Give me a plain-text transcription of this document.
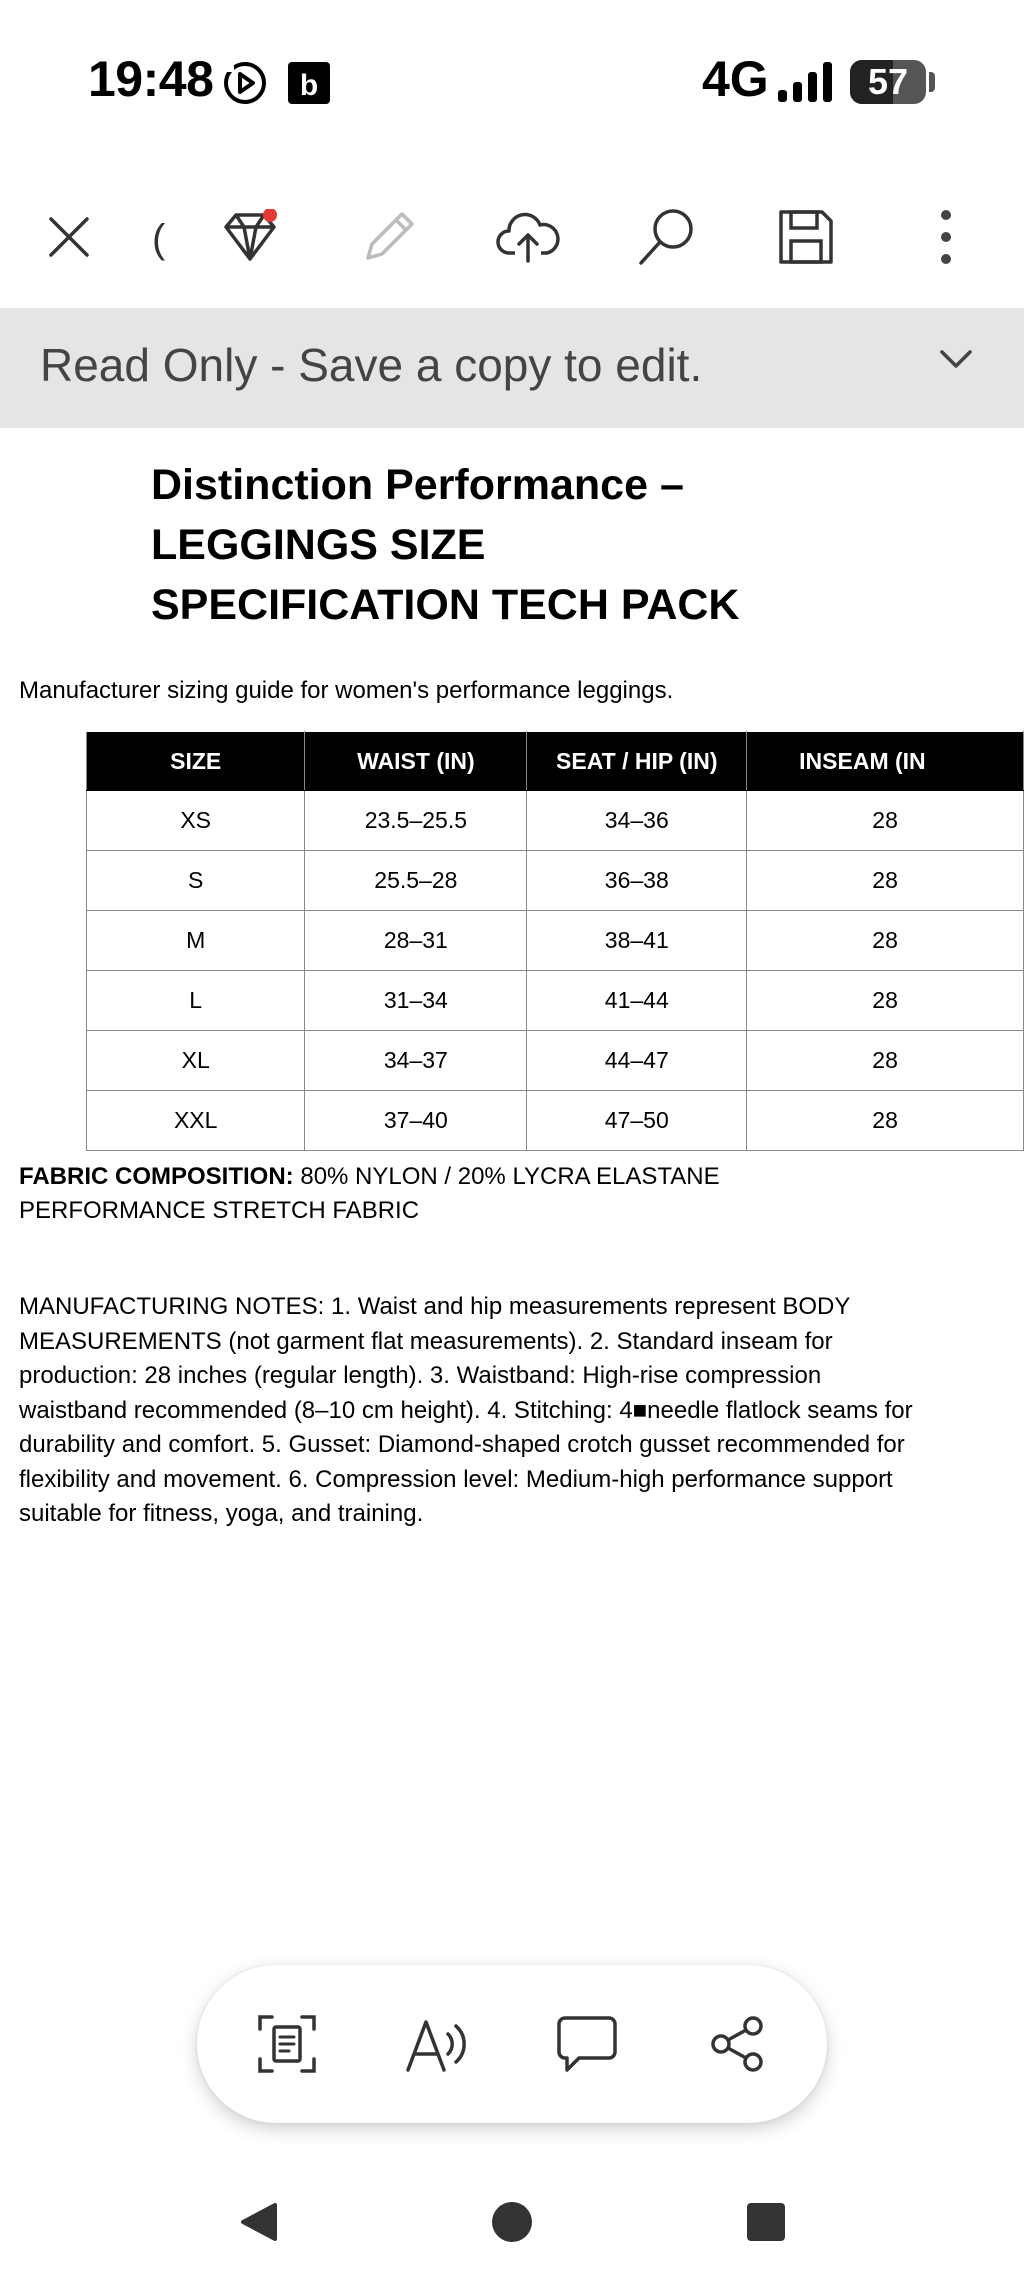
19:48	b	4G	57
(
Read Only - Save a copy to edit.
Distinction Performance –
LEGGINGS SIZE
SPECIFICATION TECH PACK
Manufacturer sizing guide for women's performance leggings.
SIZE	WAIST (IN)	SEAT / HIP (IN)	INSEAM (IN
XS	23.5–25.5	34–36	28
S	25.5–28	36–38	28
M	28–31	38–41	28
L	31–34	41–44	28
XL	34–37	44–47	28
XXL	37–40	47–50	28
FABRIC COMPOSITION: 80% NYLON / 20% LYCRA ELASTANE PERFORMANCE STRETCH FABRIC
MANUFACTURING NOTES: 1. Waist and hip measurements represent BODY MEASUREMENTS (not garment flat measurements). 2. Standard inseam for production: 28 inches (regular length). 3. Waistband: High-rise compression waistband recommended (8–10 cm height). 4. Stitching: 4■needle flatlock seams for durability and comfort. 5. Gusset: Diamond-shaped crotch gusset recommended for flexibility and movement. 6. Compression level: Medium-high performance support suitable for fitness, yoga, and training.
